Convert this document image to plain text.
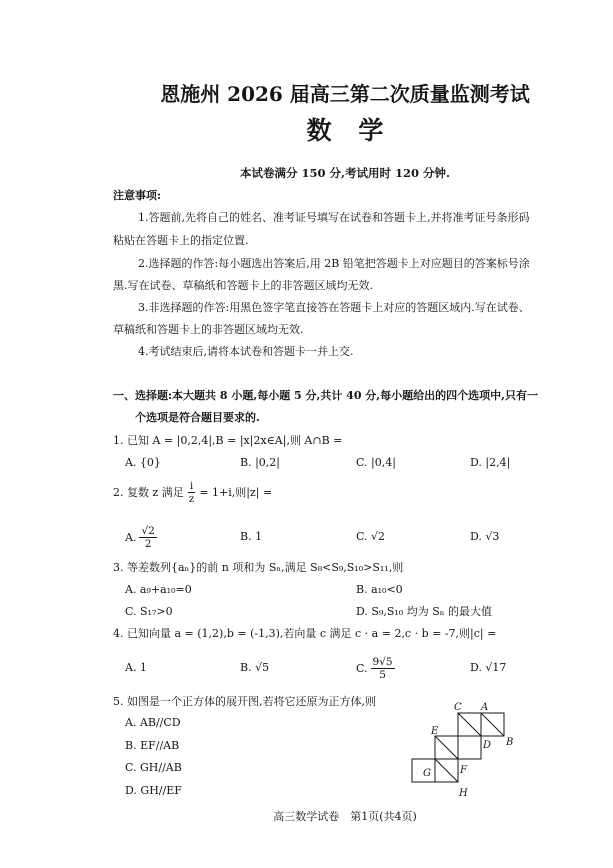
恩施州 2026 届高三第二次质量监测考试
数 学
本试卷满分 150 分,考试用时 120 分钟.
注意事项:
1.答题前,先将自己的姓名、准考证号填写在试卷和答题卡上,并将准考证号条形码
粘贴在答题卡上的指定位置.
2.选择题的作答:每小题选出答案后,用 2B 铅笔把答题卡上对应题目的答案标号涂
黑.写在试卷、草稿纸和答题卡上的非答题区域均无效.
3.非选择题的作答:用黑色签字笔直接答在答题卡上对应的答题区域内.写在试卷、
草稿纸和答题卡上的非答题区域均无效.
4.考试结束后,请将本试卷和答题卡一并上交.
一、选择题:本大题共 8 小题,每小题 5 分,共计 40 分,每小题给出的四个选项中,只有一
个选项是符合题目要求的.
1. 已知 A = |0,2,4|,B = |x|2x∈A|,则 A∩B =
A. {0}	B. |0,2|	C. |0,4|	D. |2,4|
2. 复数 z 满足 $\frac{i}{z} = 1+i$,则|z| =
A. $\frac{√2}{2}$	B. 1	C. √2	D. √3
3. 等差数列{aₙ}的前 n 项和为 Sₙ,满足 S₈<S₉,S₁₀>S₁₁,则
A. a₉+a₁₀=0	B. a₁₀<0
C. S₁₇>0	D. S₉,S₁₀ 均为 Sₙ 的最大值
4. 已知向量 a = (1,2),b = (-1,3),若向量 c 满足 c · a = 2,c · b = -7,则|c| =
A. 1	B. √5	C. $\frac{9√5}{5}$	D. √17
5. 如图是一个正方体的展开图,若将它还原为正方体,则
A. AB//CD
B. EF//AB
C. GH//AB
D. GH//EF
C A
E
D B
G	F
H
高三数学试卷　第1页(共4页)
